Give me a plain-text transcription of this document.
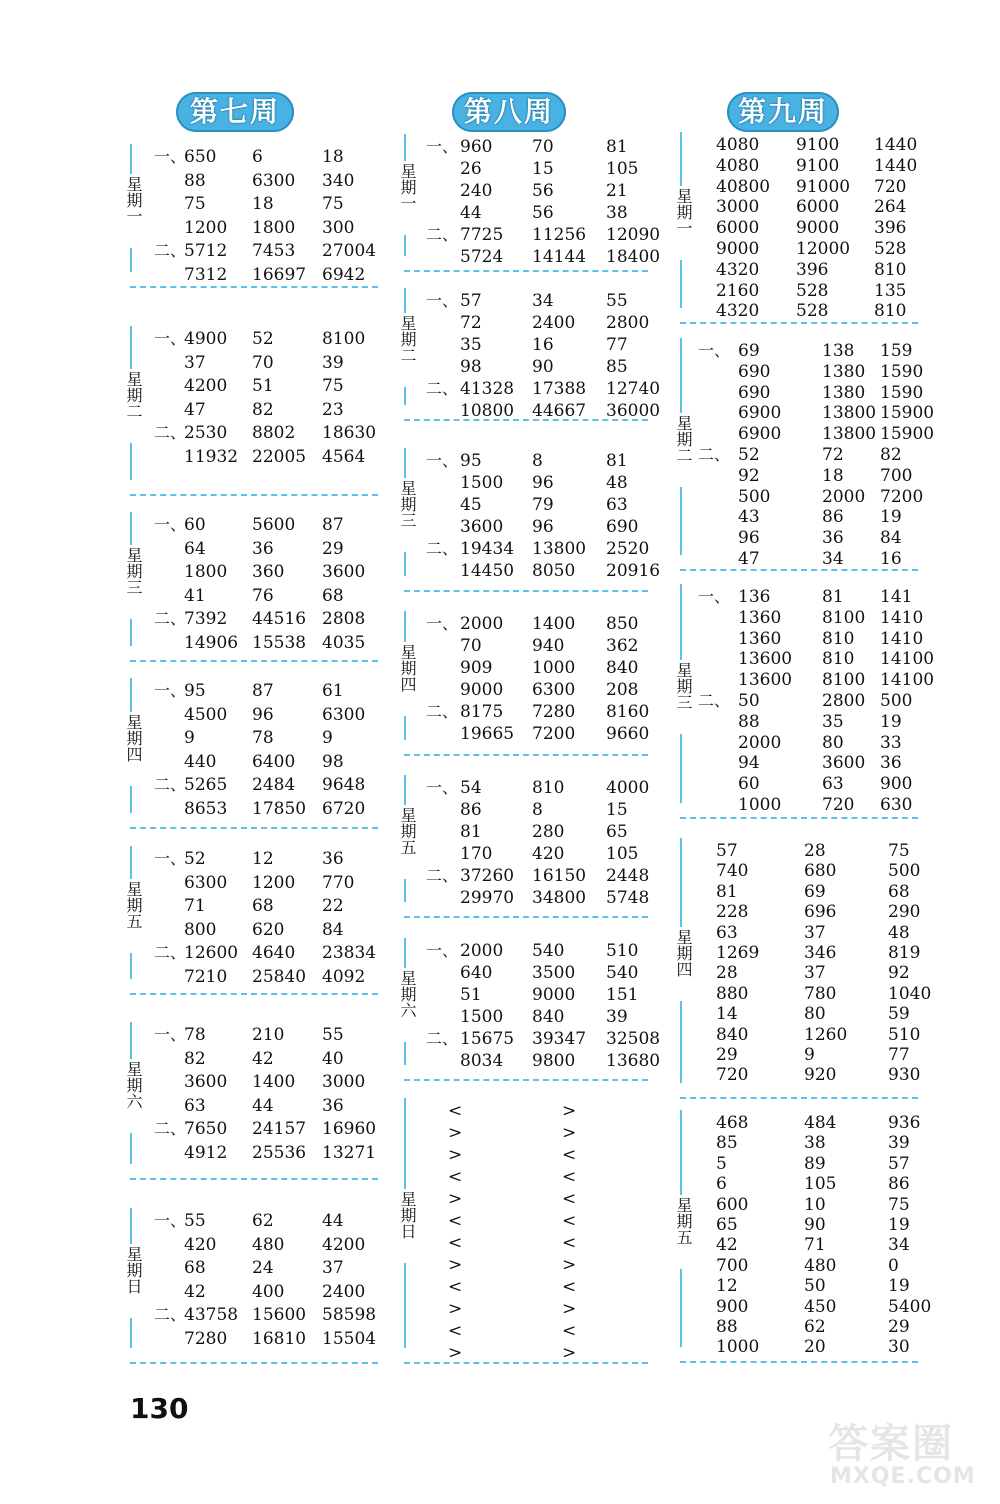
第七周
星期一
一、
650 6	18
88	6300 340
75	18	75
1200 1800 300
二、
5712 7453 27004
7312 16697 6942
星期二
一、
4900 52	8100
37	70	39
4200 51	75
47	82	23
二、
2530 8802 18630
11932 22005 4564
星期三
一、
60	5600 87
64	36	29
1800 360 3600
41	76	68
二、
7392 44516 2808
14906 15538 4035
星期四
一、
95	87	61
4500 96	6300
9	78	9
440 6400 98
二、
5265 2484 9648
8653 17850 6720
星期五
一、
52	12	36
6300 1200 770
71	68	22
800 620 84
二、
12600 4640 23834
7210 25840 4092
星期六
一、
78	210 55
82	42	40
3600 1400 3000
63	44	36
二、
7650 24157 16960
4912 25536 13271
星期日
一、
55	62	44
420 480 4200
68	24	37
42	400 2400
二、
43758 15600 58598
7280 16810 15504
第八周
星期一
一、 960 70	81
26	15	105
240 56	21
44	56	38
二、 7725 11256 12090
5724 14144 18400
星期二
一、 57	34	55
72	2400 2800
35	16	77
98	90	85
二、 41328 17388 12740
10800 44667 36000
星期三
一、 95	8	81
1500 96	48
45	79	63
3600 96	690
二、 19434 13800 2520
14450 8050 20916
星期四
一、 2000 1400 850
70	940 362
909 1000 840
9000 6300 208
二、 8175 7280 8160
19665 7200 9660
星期五
一、 54	810 4000
86	8	15
81	280 65
170 420 105
二、 37260 16150 2448
29970 34800 5748
星期六
一、 2000 540 510
640 3500 540
51	9000 151
1500 840 39
二、 15675 39347 32508
8034 9800 13680
星期日
<	>
>	>
>	<
<	<
>	<
<	<
<	<
>	>
<	<
>	>
<	<
>	>
第九周
星期一
4080 9100 1440
4080 9100 1440
40800 91000 720
3000 6000 264
6000 9000 396
9000 12000 528
4320 396	810
2160 528	135
4320 528	810
星期二
一、 69	138 159
690	1380 1590
690	1380 1590
6900 13800 15900
6900 13800 15900
二、 52	72 82
92	18 700
500	2000 7200
43	86 19
96	36 84
47	34 16
星期三
一、 136	81 141
1360 8100 1410
1360 810 1410
13600 810 14100
13600 8100 14100
二、 50	2800 500
88	35 19
2000 80 33
94	3600 36
60	63 900
1000 720 630
星期四
57	28	75
740	680	500
81	69	68
228	696	290
63	37	48
1269	346	819
28	37	92
880	780	1040
14	80	59
840	1260 510
29	9	77
720	920	930
星期五
468	484	936
85	38	39
5	89	57
6	105	86
600	10	75
65	90	19
42	71	34
700	480	0
12	50	19
900	450	5400
88	62	29
1000	20	30
130
答案圈
MXQE.COM
